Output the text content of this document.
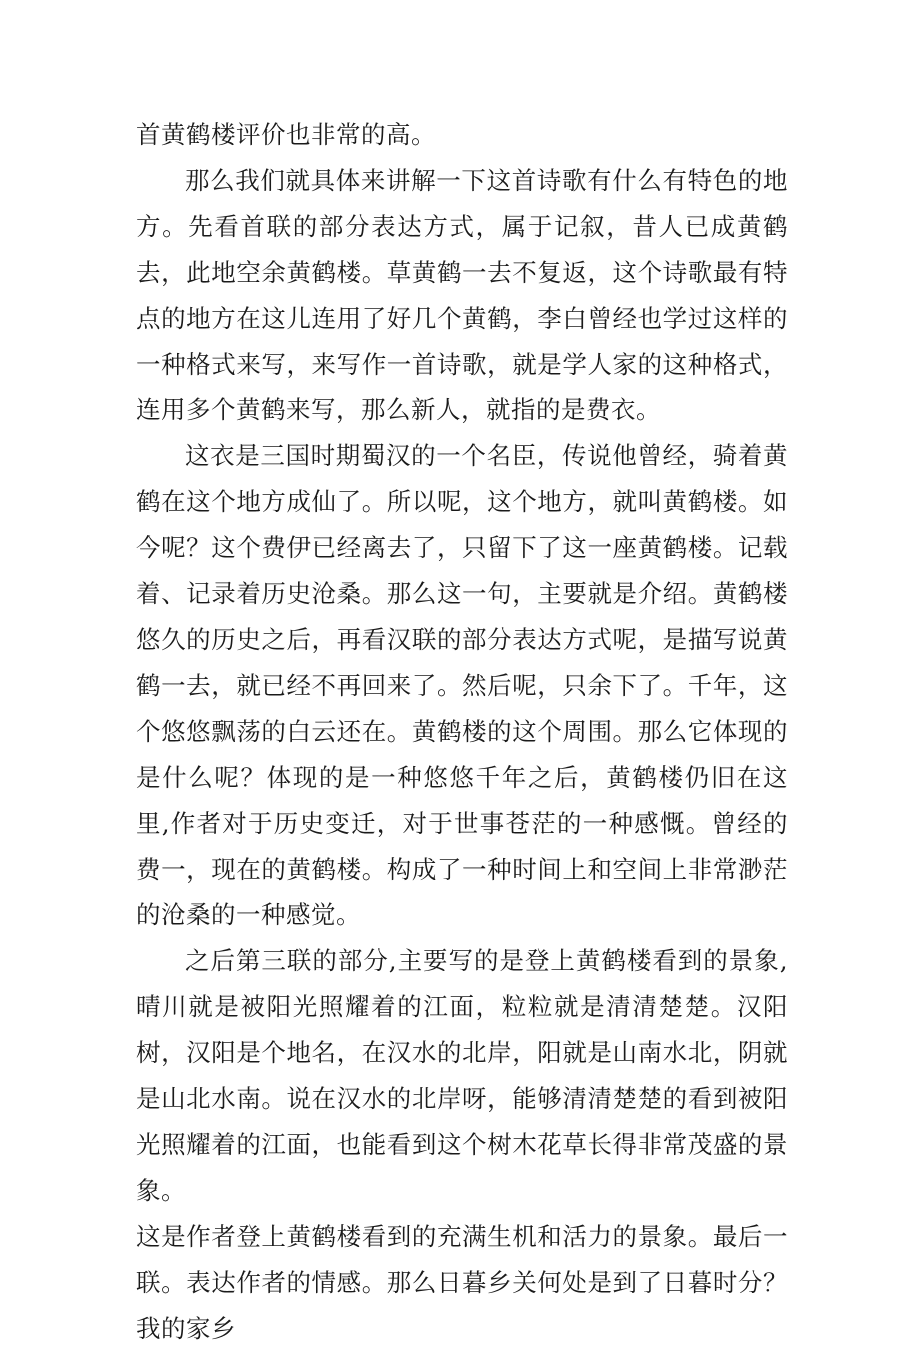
首黄鹤楼评价也非常的高。

那么我们就具体来讲解一下这首诗歌有什么有特色的地方。先看首联的部分表达方式，属于记叙，昔人已成黄鹤去，此地空余黄鹤楼。草黄鹤一去不复返，这个诗歌最有特点的地方在这儿连用了好几个黄鹤，李白曾经也学过这样的一种格式来写，来写作一首诗歌，就是学人家的这种格式，连用多个黄鹤来写，那么新人，就指的是费衣。

这衣是三国时期蜀汉的一个名臣，传说他曾经，骑着黄鹤在这个地方成仙了。所以呢，这个地方，就叫黄鹤楼。如今呢？这个费伊已经离去了，只留下了这一座黄鹤楼。记载着、记录着历史沧桑。那么这一句，主要就是介绍。黄鹤楼悠久的历史之后，再看汉联的部分表达方式呢，是描写说黄鹤一去，就已经不再回来了。然后呢，只余下了。千年，这个悠悠飘荡的白云还在。黄鹤楼的这个周围。那么它体现的是什么呢？体现的是一种悠悠千年之后，黄鹤楼仍旧在这里,作者对于历史变迁，对于世事苍茫的一种感慨。曾经的费一，现在的黄鹤楼。构成了一种时间上和空间上非常渺茫的沧桑的一种感觉。

之后第三联的部分,主要写的是登上黄鹤楼看到的景象,晴川就是被阳光照耀着的江面，粒粒就是清清楚楚。汉阳树，汉阳是个地名，在汉水的北岸，阳就是山南水北，阴就是山北水南。说在汉水的北岸呀，能够清清楚楚的看到被阳光照耀着的江面，也能看到这个树木花草长得非常茂盛的景象。

这是作者登上黄鹤楼看到的充满生机和活力的景象。最后一联。表达作者的情感。那么日暮乡关何处是到了日暮时分？我的家乡
